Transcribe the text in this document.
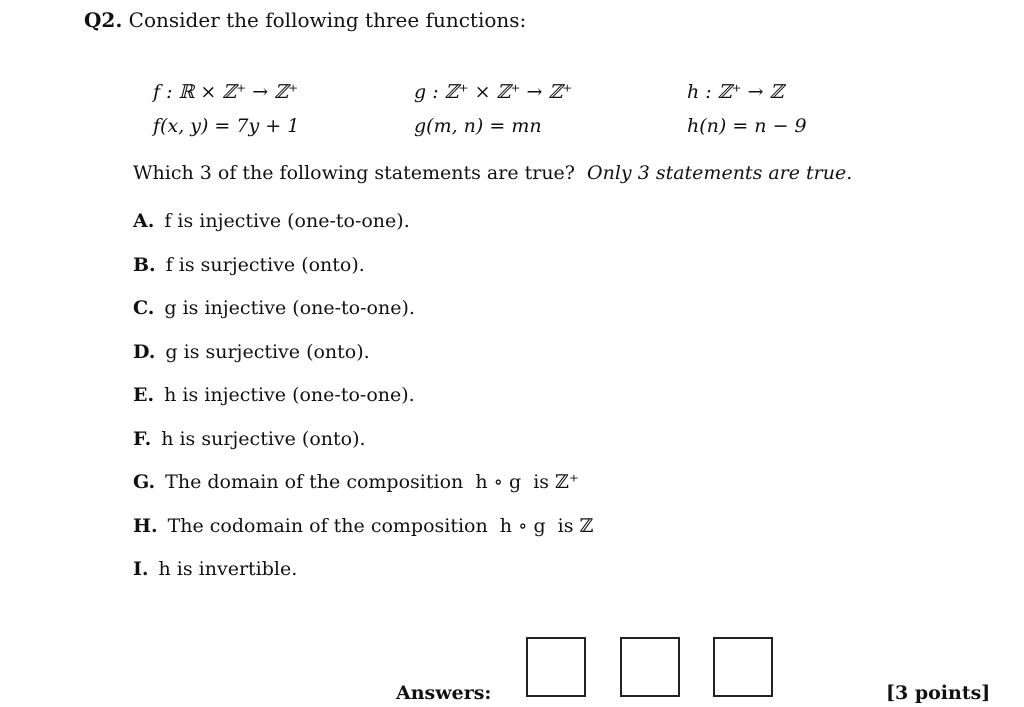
Q2. Consider the following three functions:
f : ℝ × ℤ⁺ → ℤ⁺
f(x, y) = 7y + 1
g : ℤ⁺ × ℤ⁺ → ℤ⁺
g(m, n) = mn
h : ℤ⁺ → ℤ
h(n) = n − 9
Which 3 of the following statements are true? Only 3 statements are true.
A. f is injective (one-to-one).
B. f is surjective (onto).
C. g is injective (one-to-one).
D. g is surjective (onto).
E. h is injective (one-to-one).
F. h is surjective (onto).
G. The domain of the composition  h ∘ g  is ℤ⁺
H. The codomain of the composition  h ∘ g  is ℤ
I. h is invertible.
Answers:	[3 points]
